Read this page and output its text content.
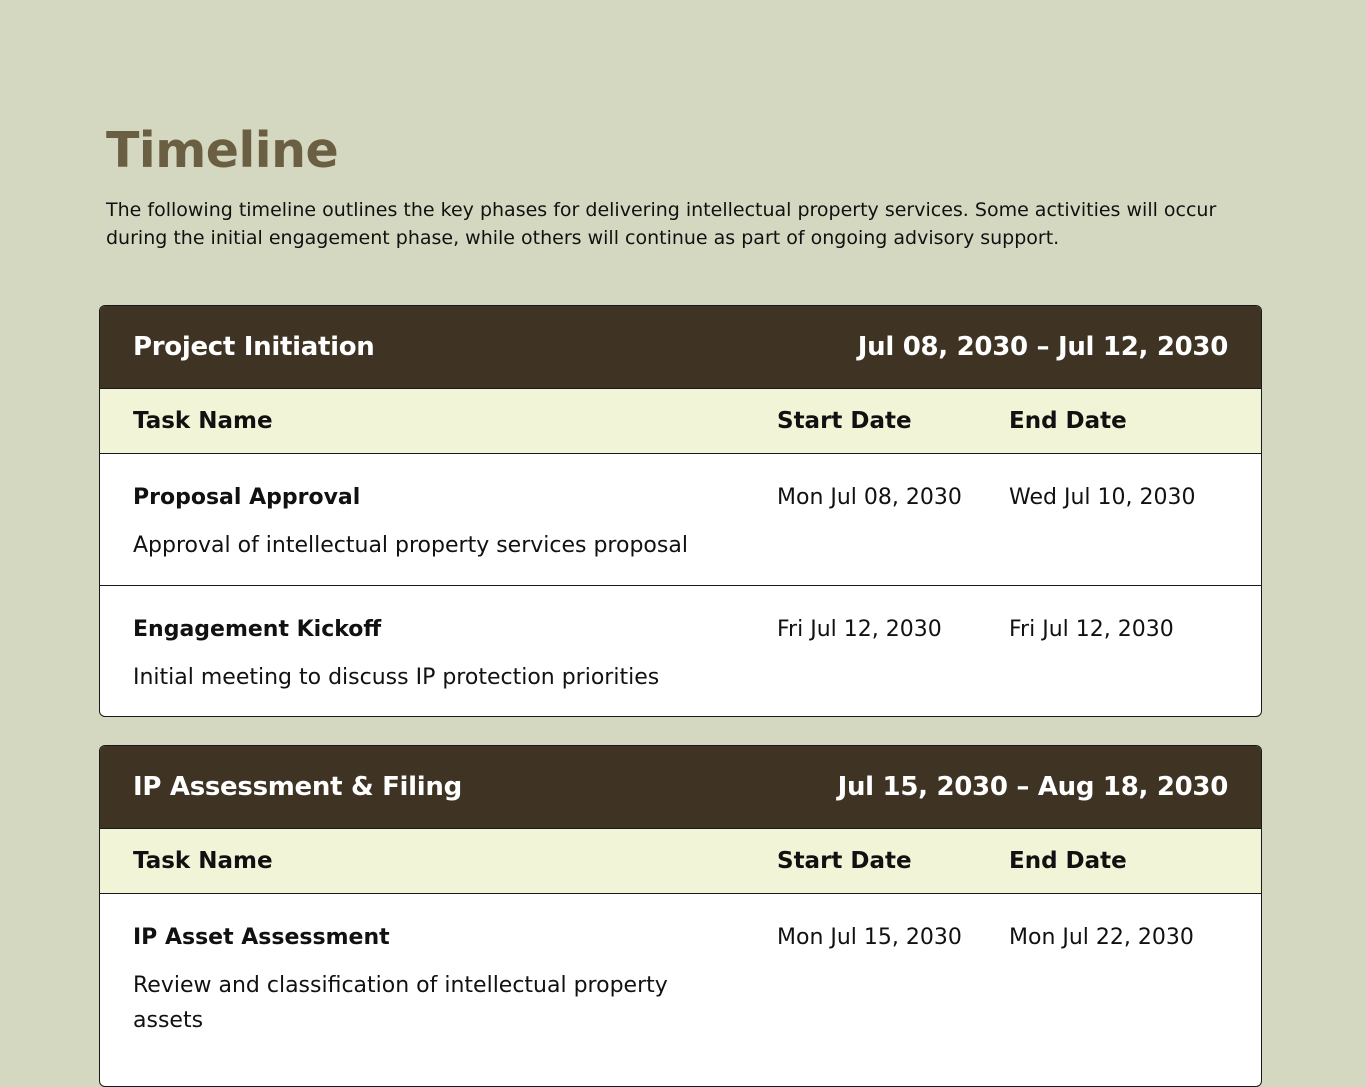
Timeline

The following timeline outlines the key phases for delivering intellectual property services. Some activities will occur during the initial engagement phase, while others will continue as part of ongoing advisory support.

Project Initiation	Jul 08, 2030 – Jul 12, 2030
Task Name	Start Date	End Date
Proposal Approval
Approval of intellectual property services proposal
Mon Jul 08, 2030	Wed Jul 10, 2030
Engagement Kickoff
Initial meeting to discuss IP protection priorities
Fri Jul 12, 2030	Fri Jul 12, 2030
IP Assessment & Filing	Jul 15, 2030 – Aug 18, 2030
Task Name	Start Date	End Date
IP Asset Assessment
Review and classification of intellectual property assets
Mon Jul 15, 2030	Mon Jul 22, 2030
